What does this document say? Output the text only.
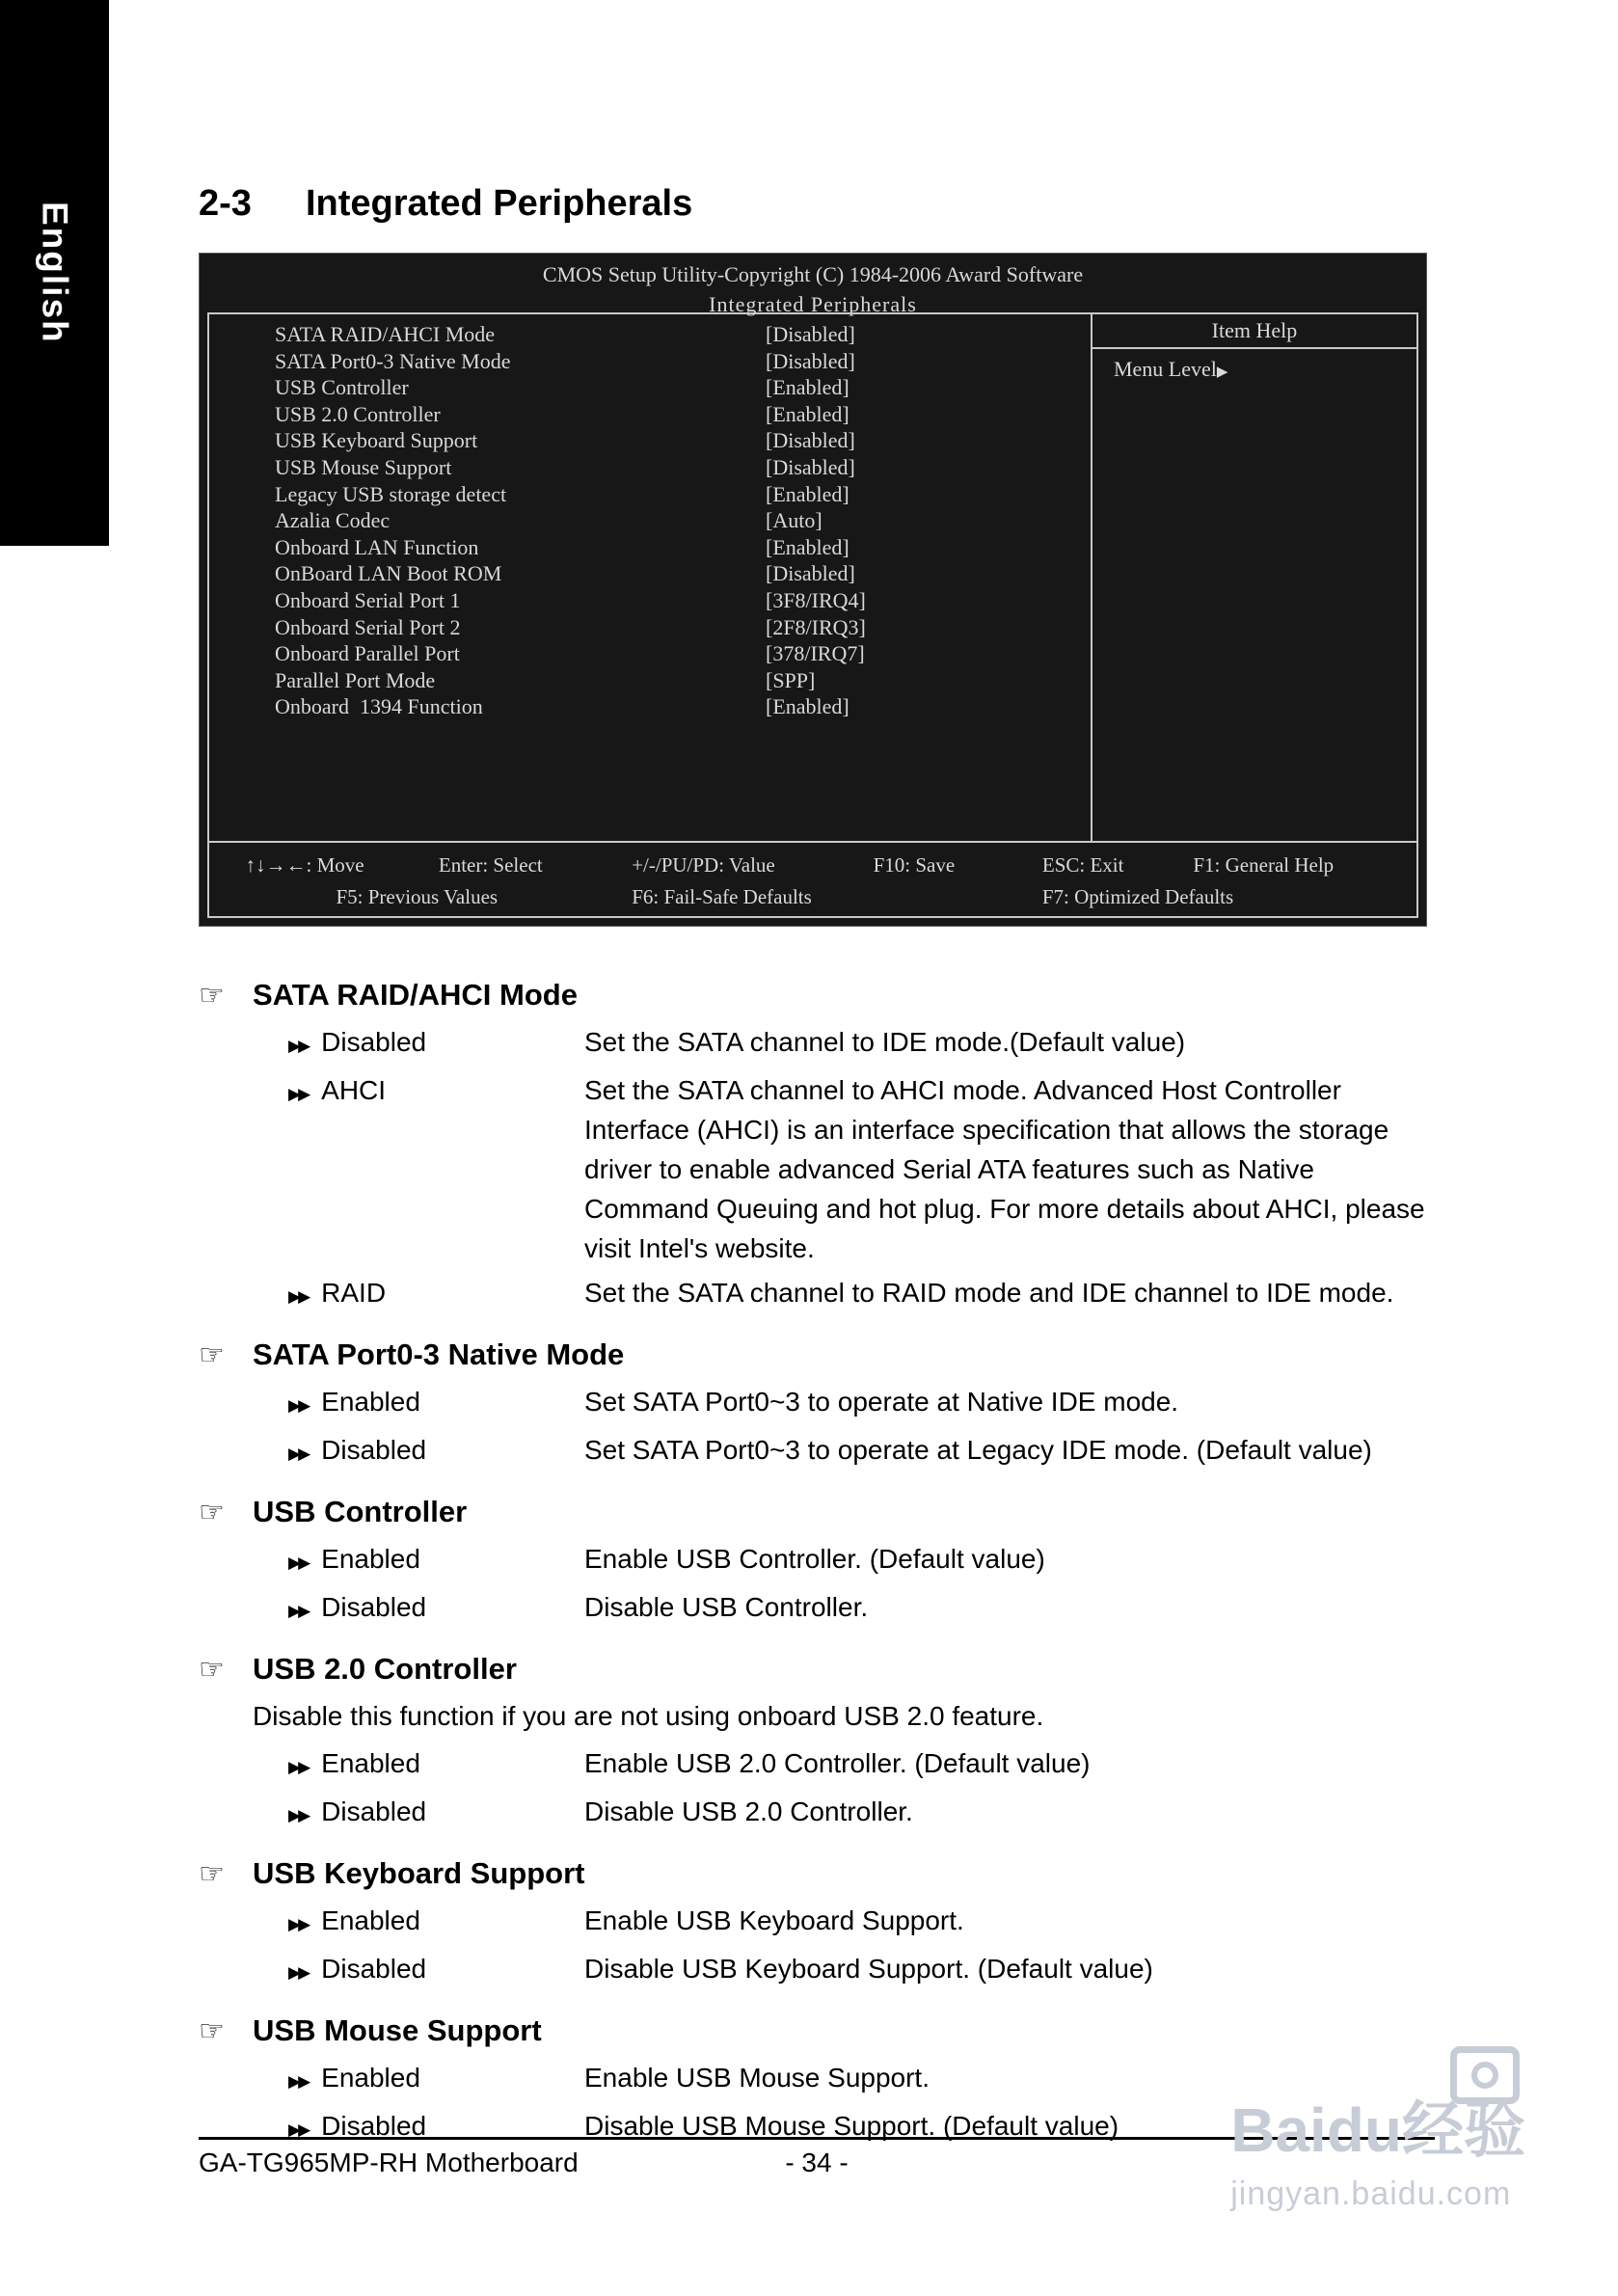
English	2-3	Integrated Peripherals
CMOS Setup Utility-Copyright (C) 1984-2006 Award Software
Integrated Peripherals
SATA RAID/AHCI Mode	[Disabled]
SATA Port0-3 Native Mode	[Disabled]
USB Controller	[Enabled]
USB 2.0 Controller	[Enabled]
USB Keyboard Support	[Disabled]
USB Mouse Support	[Disabled]
Legacy USB storage detect	[Enabled]
Azalia Codec	[Auto]
Onboard LAN Function	[Enabled]
OnBoard LAN Boot ROM	[Disabled]
Onboard Serial Port 1	[3F8/IRQ4]
Onboard Serial Port 2	[2F8/IRQ3]
Onboard Parallel Port	[378/IRQ7]
Parallel Port Mode	[SPP]
Onboard  1394 Function	[Enabled]
Item Help
Menu Level▶
↑↓→←: Move	Enter: Select	+/-/PU/PD: Value	F10: Save	ESC: Exit	F1: General Help
F5: Previous Values	F6: Fail-Safe Defaults	F7: Optimized Defaults
☞ SATA RAID/AHCI Mode
▶▶ Disabled	Set the SATA channel to IDE mode.(Default value)
▶▶ AHCI	Set the SATA channel to AHCI mode. Advanced Host Controller Interface (AHCI) is an interface specification that allows the storage driver to enable advanced Serial ATA features such as Native Command Queuing and hot plug. For more details about AHCI, please visit Intel's website.
▶▶ RAID	Set the SATA channel to RAID mode and IDE channel to IDE mode.
☞ SATA Port0-3 Native Mode
▶▶ Enabled	Set SATA Port0~3 to operate at Native IDE mode.
▶▶ Disabled	Set SATA Port0~3 to operate at Legacy IDE mode. (Default value)
☞ USB Controller
▶▶ Enabled	Enable USB Controller. (Default value)
▶▶ Disabled	Disable USB Controller.
☞ USB 2.0 Controller
Disable this function if you are not using onboard USB 2.0 feature.
▶▶ Enabled	Enable USB 2.0 Controller. (Default value)
▶▶ Disabled	Disable USB 2.0 Controller.
☞ USB Keyboard Support
▶▶ Enabled	Enable USB Keyboard Support.
▶▶ Disabled	Disable USB Keyboard Support. (Default value)
☞ USB Mouse Support
▶▶ Enabled	Enable USB Mouse Support.
▶▶ Disabled	Disable USB Mouse Support. (Default value)
GA-TG965MP-RH Motherboard	- 34 -	Baidu经验
jingyan.baidu.com
